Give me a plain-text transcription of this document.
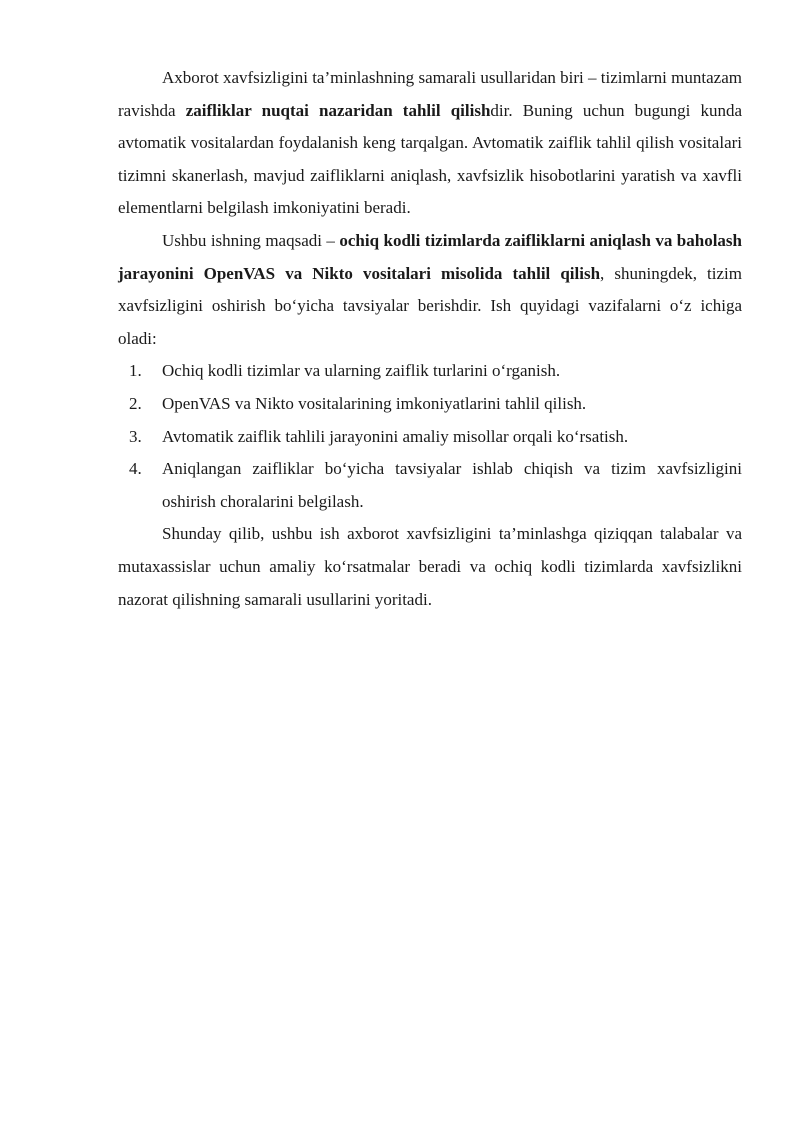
Axborot xavfsizligini ta’minlashning samarali usullaridan biri – tizimlarni muntazam ravishda zaifliklar nuqtai nazaridan tahlil qilishdir. Buning uchun bugungi kunda avtomatik vositalardan foydalanish keng tarqalgan. Avtomatik zaiflik tahlil qilish vositalari tizimni skanerlash, mavjud zaifliklarni aniqlash, xavfsizlik hisobotlarini yaratish va xavfli elementlarni belgilash imkoniyatini beradi.

Ushbu ishning maqsadi – ochiq kodli tizimlarda zaifliklarni aniqlash va baholash jarayonini OpenVAS va Nikto vositalari misolida tahlil qilish, shuningdek, tizim xavfsizligini oshirish bo‘yicha tavsiyalar berishdir. Ish quyidagi vazifalarni o‘z ichiga oladi:

1. Ochiq kodli tizimlar va ularning zaiflik turlarini o‘rganish.
2. OpenVAS va Nikto vositalarining imkoniyatlarini tahlil qilish.
3. Avtomatik zaiflik tahlili jarayonini amaliy misollar orqali ko‘rsatish.
4. Aniqlangan zaifliklar bo‘yicha tavsiyalar ishlab chiqish va tizim xavfsizligini oshirish choralarini belgilash.

Shunday qilib, ushbu ish axborot xavfsizligini ta’minlashga qiziqqan talabalar va mutaxassislar uchun amaliy ko‘rsatmalar beradi va ochiq kodli tizimlarda xavfsizlikni nazorat qilishning samarali usullarini yoritadi.
